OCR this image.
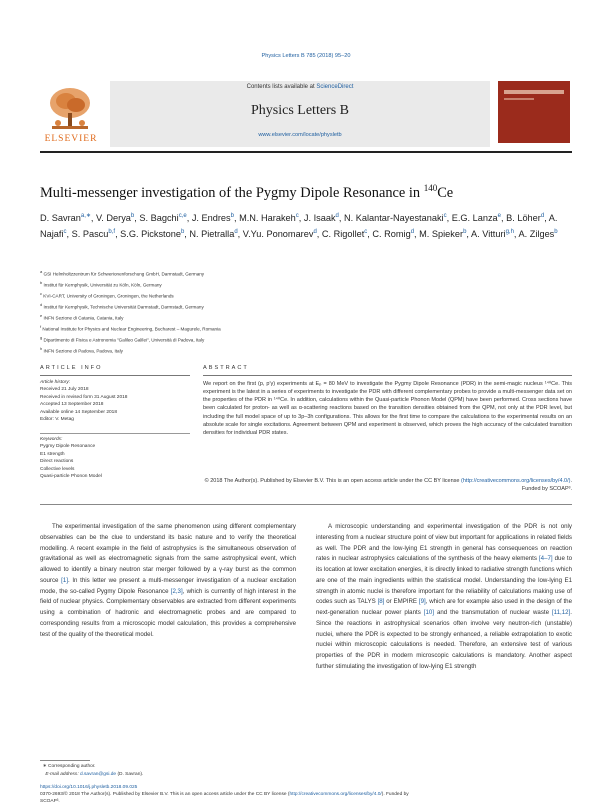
Physics Letters B 785 (2018) 95–20
ELSEVIER
Contents lists available at ScienceDirect
Physics Letters B
www.elsevier.com/locate/physletb
Multi-messenger investigation of the Pygmy Dipole Resonance in $^{140}$Ce
D. Savran$^{a,∗}$, V. Derya$^b$, S. Bagchi$^{c,e}$, J. Endres$^b$, M.N. Harakeh$^c$, J. Isaak$^d$, N. Kalantar-Nayestanaki$^c$, E.G. Lanza$^e$, B. Löher$^d$, A. Najafi$^c$, S. Pascu$^{b,f}$, S.G. Pickstone$^b$, N. Pietralla$^d$, V.Yu. Ponomarev$^d$, C. Rigollet$^c$, C. Romig$^d$, M. Spieker$^b$, A. Vitturi$^{g,h}$, A. Zilges$^b$
$^a$ GSI Helmholtzzentrum für Schwerionenforschung GmbH, Darmstadt, Germany
$^b$ Institut für Kernphysik, Universität zu Köln, Köln, Germany
$^c$ KVI-CART, University of Groningen, Groningen, the Netherlands
$^d$ Institut für Kernphysik, Technische Universität Darmstadt, Darmstadt, Germany
$^e$ INFN Sezione di Catania, Catania, Italy
$^f$ National Institute for Physics and Nuclear Engineering, Bucharest – Magurele, Romania
$^g$ Dipartimento di Fisica e Astronomia "Galileo Galilei", Università di Padova, Italy
$^h$ INFN Sezione di Padova, Padova, Italy
ARTICLE INFO
Article history:
Received 21 July 2018
Received in revised form 31 August 2018
Accepted 13 September 2018
Available online 14 September 2018
Editor: V. Metag
Keywords:
Pygmy Dipole Resonance
E1 strength
Direct reactions
Collective levels
Quasi-particle Phonon Model
ABSTRACT
We report on the first (p, p′γ) experiments at Eₚ = 80 MeV to investigate the Pygmy Dipole Resonance (PDR) in the semi-magic nucleus ¹⁴⁰Ce. This experiment is the latest in a series of experiments to investigate the PDR with different complementary probes to provide a multi-messenger data set on the properties of the PDR in ¹⁴⁰Ce. In addition, calculations within the Quasi-particle Phonon Model (QPM) have been performed. Cross sections have been calculated for proton- as well as α-scattering reactions based on the transition densities obtained from the QPM, not only at the PDR level, but including the full model space of up to 3p–3h configurations. This allows for the first time to compare the calculations to the experimental results on an absolute scale for single excitations. Agreement between QPM and experiment is observed, which proves the high accuracy of the calculated transition densities for individual PDR states.
© 2018 The Author(s). Published by Elsevier B.V. This is an open access article under the CC BY license (http://creativecommons.org/licenses/by/4.0/). Funded by SCOAP³.

The experimental investigation of the same phenomenon using different complementary observables can be the clue to understand its basic nature and to verify the theoretical modelling. A recent example in the field of astrophysics is the simultaneous observation of gravitational as well as electromagnetic signals from the same astrophysical event, which allowed to identify a binary neutron star merger followed by a γ-ray burst as the common source [1]. In this letter we present a multi-messenger investigation of a nuclear excitation mode, the so-called Pygmy Dipole Resonance [2,3], which is currently of high interest in the field of nuclear physics. Complementary observables are extracted from different experiments using a combination of hadronic and electromagnetic probes and are compared to corresponding results from a microscopic model calculation, this provides a comprehensive test of the quality of the theoretical model.

A microscopic understanding and experimental investigation of the PDR is not only interesting from a nuclear structure point of view but important for applications in related fields as well. The PDR and the low-lying E1 strength in general has consequences on reaction rates in nuclear astrophysics calculations of the synthesis of the heavy elements [4–7] due to its location at lower excitation energies, it is directly linked to radiative strength functions which are one of the main ingredients within the statistical model. Understanding the low-lying E1 strength in atomic nuclei is therefore important for the reliability of calculations making use of codes such as TALYS [8] or EMPIRE [9], which are for example also used in the design of the next-generation nuclear power plants [10] and the transmutation of nuclear waste [11,12]. Since the reactions in astrophysical scenarios often involve very neutron-rich (unstable) nuclei, where the PDR is expected to be strongly enhanced, a reliable extrapolation to exotic nuclei within microscopic calculations is needed. Therefore, an extensive test of various properties of the PDR in modern microscopic calculations is mandatory. Another aspect further stimulating the investigation of low-lying E1 strength

∗ Corresponding author.
E-mail address: d.savran@gsi.de (D. Savran).
https://doi.org/10.1016/j.physletb.2018.09.025
0370-2693/© 2018 The Author(s). Published by Elsevier B.V. This is an open access article under the CC BY license (http://creativecommons.org/licenses/by/4.0/). Funded by
SCOAP³.
